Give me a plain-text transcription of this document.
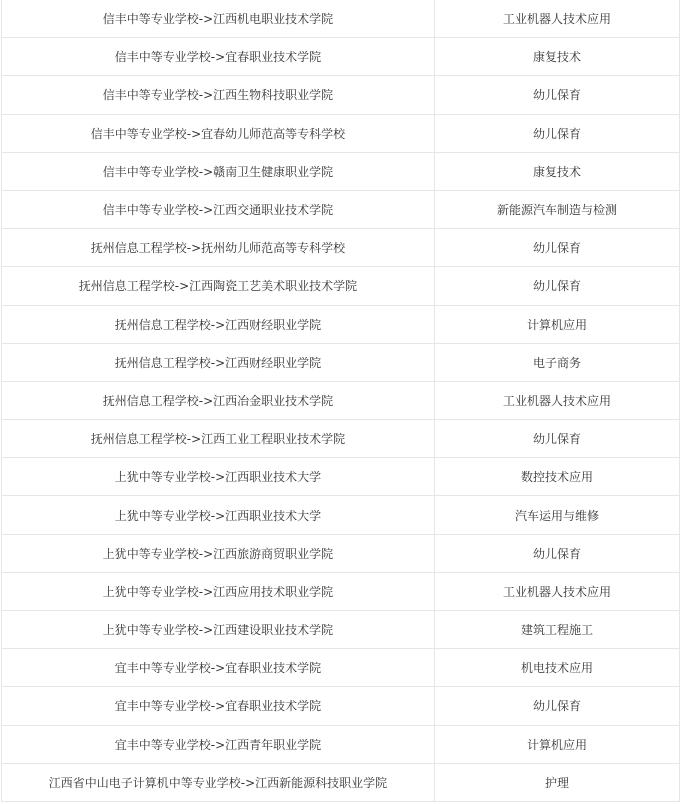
信丰中等专业学校->江西机电职业技术学院	工业机器人技术应用
信丰中等专业学校->宜春职业技术学院	康复技术
信丰中等专业学校->江西生物科技职业学院	幼儿保育
信丰中等专业学校->宜春幼儿师范高等专科学校	幼儿保育
信丰中等专业学校->赣南卫生健康职业学院	康复技术
信丰中等专业学校->江西交通职业技术学院	新能源汽车制造与检测
抚州信息工程学校->抚州幼儿师范高等专科学校	幼儿保育
抚州信息工程学校->江西陶瓷工艺美术职业技术学院	幼儿保育
抚州信息工程学校->江西财经职业学院	计算机应用
抚州信息工程学校->江西财经职业学院	电子商务
抚州信息工程学校->江西冶金职业技术学院	工业机器人技术应用
抚州信息工程学校->江西工业工程职业技术学院	幼儿保育
上犹中等专业学校->江西职业技术大学	数控技术应用
上犹中等专业学校->江西职业技术大学	汽车运用与维修
上犹中等专业学校->江西旅游商贸职业学院	幼儿保育
上犹中等专业学校->江西应用技术职业学院	工业机器人技术应用
上犹中等专业学校->江西建设职业技术学院	建筑工程施工
宜丰中等专业学校->宜春职业技术学院	机电技术应用
宜丰中等专业学校->宜春职业技术学院	幼儿保育
宜丰中等专业学校->江西青年职业学院	计算机应用
江西省中山电子计算机中等专业学校->江西新能源科技职业学院	护理
